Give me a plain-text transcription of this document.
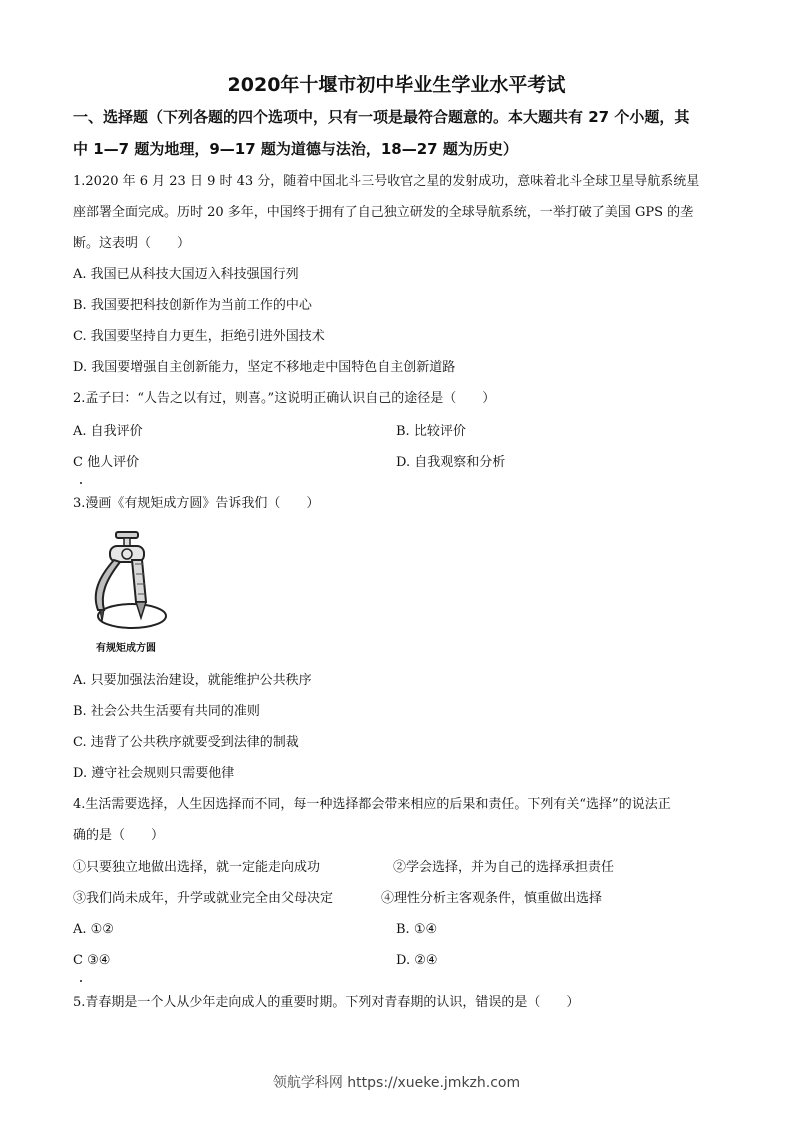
2020年十堰市初中毕业生学业水平考试
一、选择题（下列各题的四个选项中，只有一项是最符合题意的。本大题共有 27 个小题，其
中 1—7 题为地理，9—17 题为道德与法治，18—27 题为历史）
1.2020 年 6 月 23 日 9 时 43 分，随着中国北斗三号收官之星的发射成功，意味着北斗全球卫星导航系统星
座部署全面完成。历时 20 多年，中国终于拥有了自己独立研发的全球导航系统，一举打破了美国 GPS 的垄
断。这表明（　　）
A. 我国已从科技大国迈入科技强国行列
B. 我国要把科技创新作为当前工作的中心
C. 我国要坚持自力更生，拒绝引进外国技术
D. 我国要增强自主创新能力，坚定不移地走中国特色自主创新道路
2.孟子曰：“人告之以有过，则喜。”这说明正确认识自己的途径是（　　）
A. 自我评价	B. 比较评价
C 他人评价	D. 自我观察和分析
3.漫画《有规矩成方圆》告诉我们（　　）
有规矩成方圆
A. 只要加强法治建设，就能维护公共秩序
B. 社会公共生活要有共同的准则
C. 违背了公共秩序就要受到法律的制裁
D. 遵守社会规则只需要他律
4.生活需要选择，人生因选择而不同，每一种选择都会带来相应的后果和责任。下列有关“选择”的说法正
确的是（　　）
①只要独立地做出选择，就一定能走向成功	②学会选择，并为自己的选择承担责任
③我们尚未成年，升学或就业完全由父母决定	④理性分析主客观条件，慎重做出选择
A. ①②	B. ①④
C ③④	D. ②④
5.青春期是一个人从少年走向成人的重要时期。下列对青春期的认识，错误的是（　　）
领航学科网 https://xueke.jmkzh.com
